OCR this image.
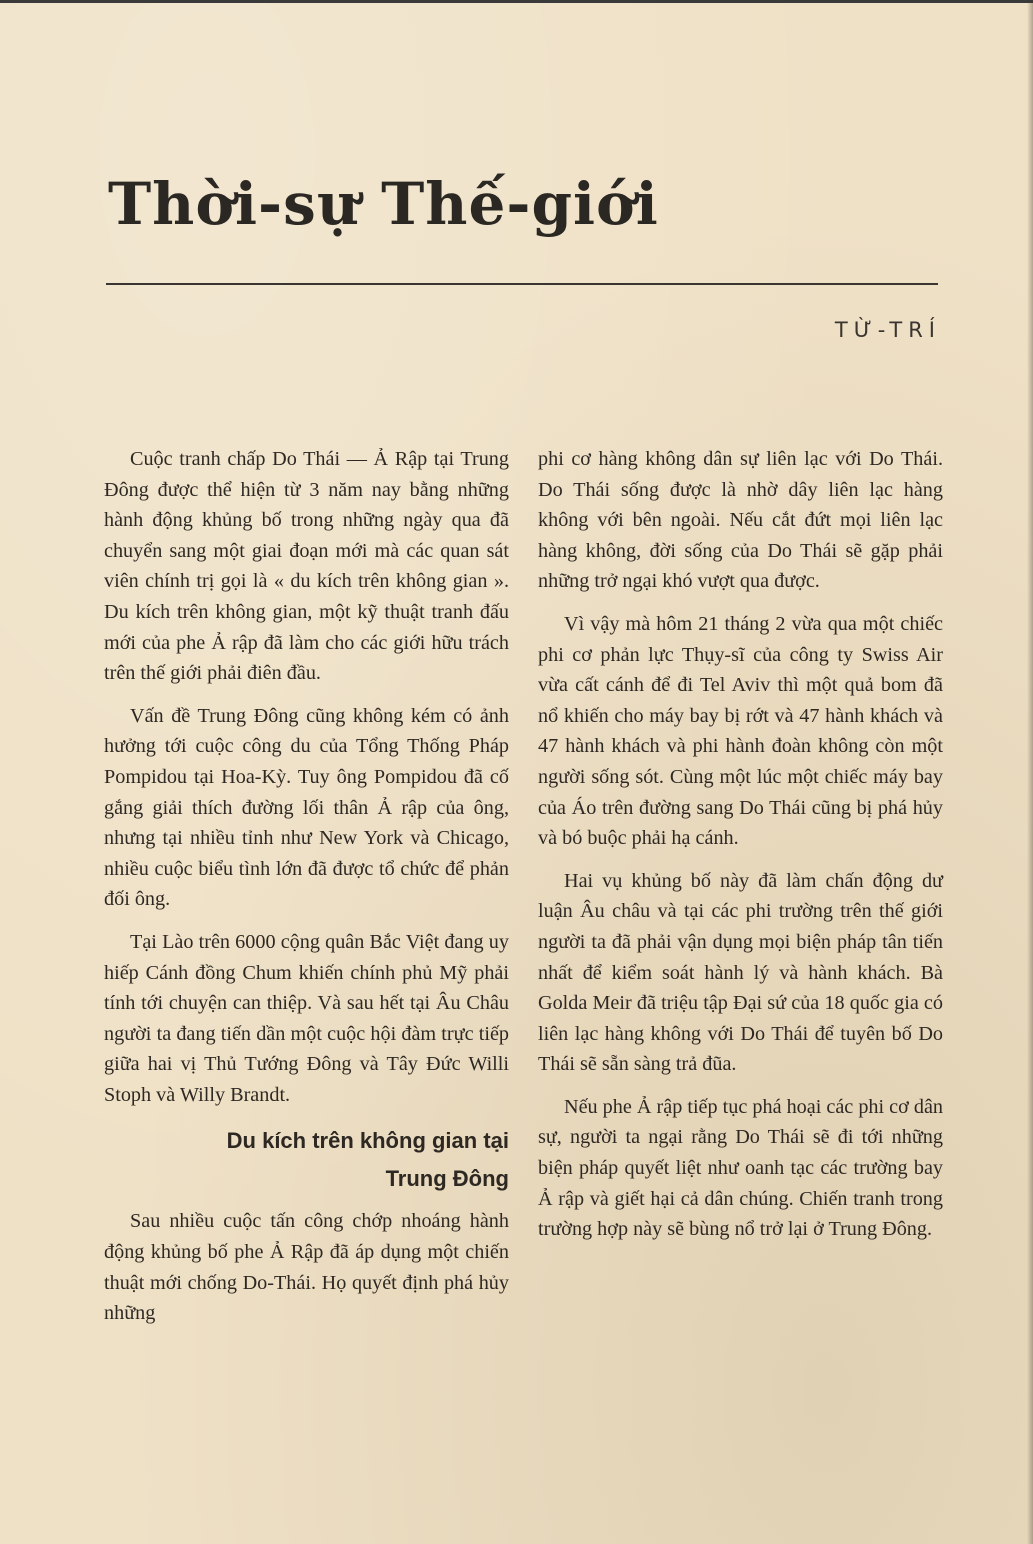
Thời-sự Thế-giới
TỪ-TRÍ

Cuộc tranh chấp Do Thái — Ả Rập tại Trung Đông được thể hiện từ 3 năm nay bằng những hành động khủng bố trong những ngày qua đã chuyển sang một giai đoạn mới mà các quan sát viên chính trị gọi là « du kích trên không gian ». Du kích trên không gian, một kỹ thuật tranh đấu mới của phe Ả rập đã làm cho các giới hữu trách trên thế giới phải điên đầu.

Vấn đề Trung Đông cũng không kém có ảnh hưởng tới cuộc công du của Tổng Thống Pháp Pompidou tại Hoa-Kỳ. Tuy ông Pompidou đã cố gắng giải thích đường lối thân Ả rập của ông, nhưng tại nhiều tỉnh như New York và Chicago, nhiều cuộc biểu tình lớn đã được tổ chức để phản đối ông.

Tại Lào trên 6000 cộng quân Bắc Việt đang uy hiếp Cánh đồng Chum khiến chính phủ Mỹ phải tính tới chuyện can thiệp. Và sau hết tại Âu Châu người ta đang tiến dần một cuộc hội đàm trực tiếp giữa hai vị Thủ Tướng Đông và Tây Đức Willi Stoph và Willy Brandt.

Du kích trên không gian tại Trung Đông

Sau nhiều cuộc tấn công chớp nhoáng hành động khủng bố phe Ả Rập đã áp dụng một chiến thuật mới chống Do-Thái. Họ quyết định phá hủy những

phi cơ hàng không dân sự liên lạc với Do Thái. Do Thái sống được là nhờ dây liên lạc hàng không với bên ngoài. Nếu cắt đứt mọi liên lạc hàng không, đời sống của Do Thái sẽ gặp phải những trở ngại khó vượt qua được.

Vì vậy mà hôm 21 tháng 2 vừa qua một chiếc phi cơ phản lực Thụy-sĩ của công ty Swiss Air vừa cất cánh để đi Tel Aviv thì một quả bom đã nổ khiến cho máy bay bị rớt và 47 hành khách và 47 hành khách và phi hành đoàn không còn một người sống sót. Cùng một lúc một chiếc máy bay của Áo trên đường sang Do Thái cũng bị phá hủy và bó buộc phải hạ cánh.

Hai vụ khủng bố này đã làm chấn động dư luận Âu châu và tại các phi trường trên thế giới người ta đã phải vận dụng mọi biện pháp tân tiến nhất để kiểm soát hành lý và hành khách. Bà Golda Meir đã triệu tập Đại sứ của 18 quốc gia có liên lạc hàng không với Do Thái để tuyên bố Do Thái sẽ sẵn sàng trả đũa.

Nếu phe Ả rập tiếp tục phá hoại các phi cơ dân sự, người ta ngại rằng Do Thái sẽ đi tới những biện pháp quyết liệt như oanh tạc các trường bay Ả rập và giết hại cả dân chúng. Chiến tranh trong trường hợp này sẽ bùng nổ trở lại ở Trung Đông.
